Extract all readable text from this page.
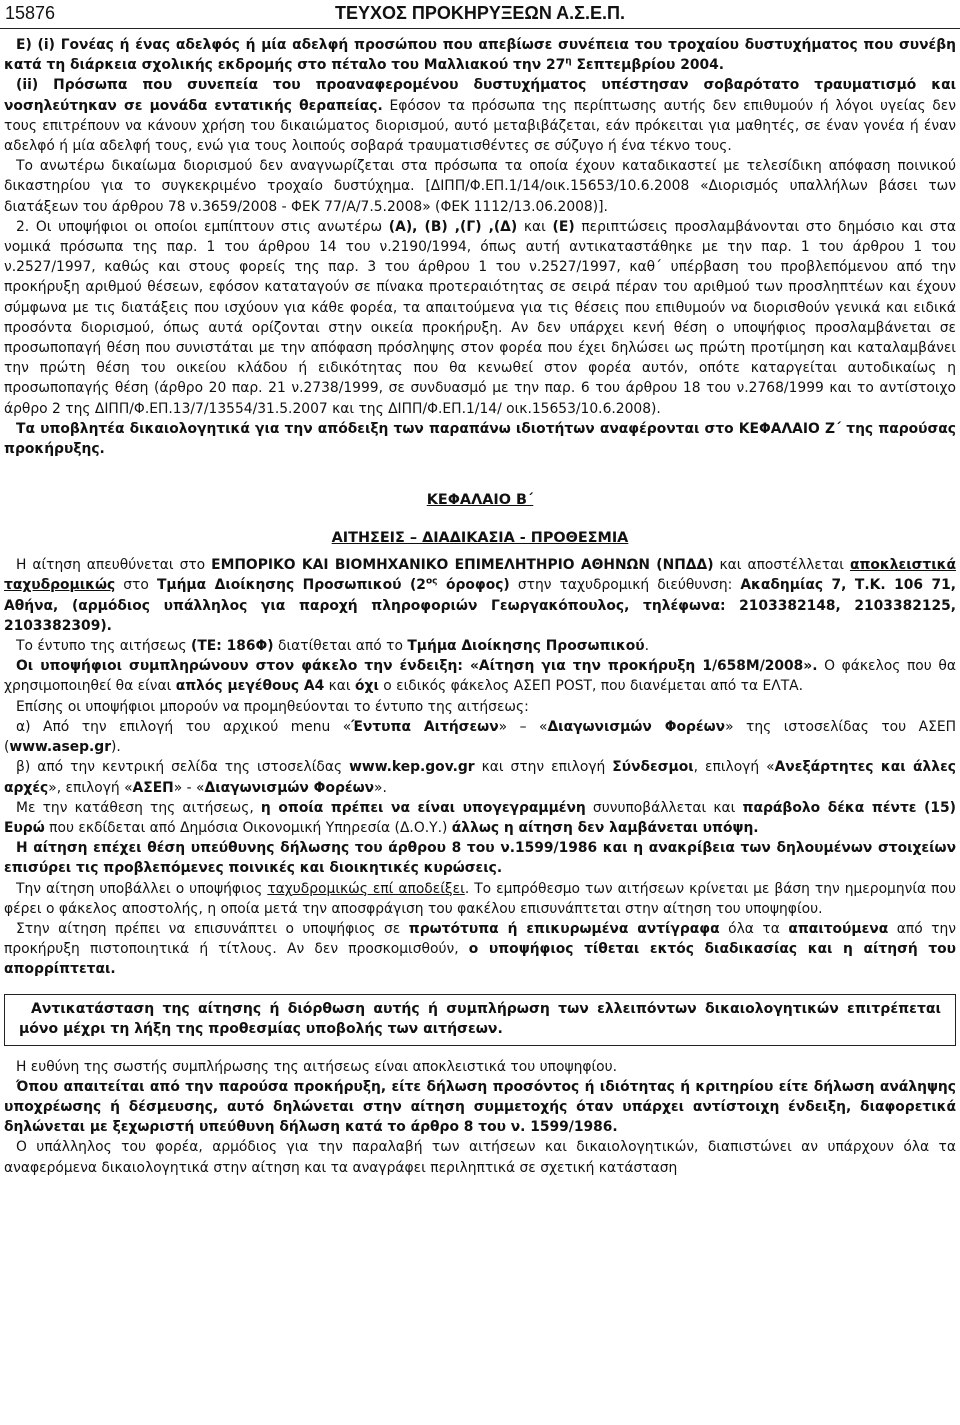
15876	ΤΕΥΧΟΣ ΠΡΟΚΗΡΥΞΕΩΝ Α.Σ.Ε.Π.

Ε) (i) Γονέας ή ένας αδελφός ή μία αδελφή προσώπου που απεβίωσε συνέπεια του τροχαίου δυστυχήματος που συνέβη κατά τη διάρκεια σχολικής εκδρομής στο πέταλο του Μαλλιακού την $27^\eta$ Σεπτεμβρίου 2004.

(ii) Πρόσωπα που συνεπεία του προαναφερομένου δυστυχήματος υπέστησαν σοβαρότατο τραυματισμό και νοσηλεύτηκαν σε μονάδα εντατικής θεραπείας. Εφόσον τα πρόσωπα της περίπτωσης αυτής δεν επιθυμούν ή λόγοι υγείας δεν τους επιτρέπουν να κάνουν χρήση του δικαιώματος διορισμού, αυτό μεταβιβάζεται, εάν πρόκειται για μαθητές, σε έναν γονέα ή έναν αδελφό ή μία αδελφή τους, ενώ για τους λοιπούς σοβαρά τραυματισθέντες σε σύζυγο ή ένα τέκνο τους.

Το ανωτέρω δικαίωμα διορισμού δεν αναγνωρίζεται στα πρόσωπα τα οποία έχουν καταδικαστεί με τελεσίδικη απόφαση ποινικού δικαστηρίου για το συγκεκριμένο τροχαίο δυστύχημα. [ΔΙΠΠ/Φ.ΕΠ.1/14/οικ.15653/10.6.2008 «Διορισμός υπαλλήλων βάσει των διατάξεων του άρθρου 78 ν.3659/2008 - ΦΕΚ 77/Α/7.5.2008» (ΦΕΚ 1112/13.06.2008)].

2. Οι υποψήφιοι οι οποίοι εμπίπτουν στις ανωτέρω (Α), (Β) ,(Γ) ,(Δ) και (Ε) περιπτώσεις προσλαμβάνονται στο δημόσιο και στα νομικά πρόσωπα της παρ. 1 του άρθρου 14 του ν.2190/1994, όπως αυτή αντικαταστάθηκε με την παρ. 1 του άρθρου 1 του ν.2527/1997, καθώς και στους φορείς της παρ. 3 του άρθρου 1 του ν.2527/1997, καθ΄ υπέρβαση του προβλεπόμενου από την προκήρυξη αριθμού θέσεων, εφόσον καταταγούν σε πίνακα προτεραιότητας σε σειρά πέραν του αριθμού των προσληπτέων και έχουν σύμφωνα με τις διατάξεις που ισχύουν για κάθε φορέα, τα απαιτούμενα για τις θέσεις που επιθυμούν να διορισθούν γενικά και ειδικά προσόντα διορισμού, όπως αυτά ορίζονται στην οικεία προκήρυξη. Αν δεν υπάρχει κενή θέση ο υποψήφιος προσλαμβάνεται σε προσωποπαγή θέση που συνιστάται με την απόφαση πρόσληψης στον φορέα που έχει δηλώσει ως πρώτη προτίμηση και καταλαμβάνει την πρώτη θέση του οικείου κλάδου ή ειδικότητας που θα κενωθεί στον φορέα αυτόν, οπότε καταργείται αυτοδικαίως η προσωποπαγής θέση (άρθρο 20 παρ. 21 ν.2738/1999, σε συνδυασμό με την παρ. 6 του άρθρου 18 του ν.2768/1999 και το αντίστοιχο άρθρο 2 της ΔΙΠΠ/Φ.ΕΠ.13/7/13554/31.5.2007 και της ΔΙΠΠ/Φ.ΕΠ.1/14/ οικ.15653/10.6.2008).

Τα υποβλητέα δικαιολογητικά για την απόδειξη των παραπάνω ιδιοτήτων αναφέρονται στο ΚΕΦΑΛΑΙΟ Ζ΄ της παρούσας προκήρυξης.

ΚΕΦΑΛΑΙΟ Β΄
ΑΙΤΗΣΕΙΣ – ΔΙΑΔΙΚΑΣΙΑ - ΠΡΟΘΕΣΜΙΑ

Η αίτηση απευθύνεται στο ΕΜΠΟΡΙΚΟ ΚΑΙ ΒΙΟΜΗΧΑΝΙΚΟ ΕΠΙΜΕΛΗΤΗΡΙΟ ΑΘΗΝΩΝ (ΝΠΔΔ) και αποστέλλεται αποκλειστικά ταχυδρομικώς στο Τμήμα Διοίκησης Προσωπικού ($2^{o\varsigma}$ όροφος) στην ταχυδρομική διεύθυνση: Ακαδημίας 7, Τ.Κ. 106 71, Αθήνα, (αρμόδιος υπάλληλος για παροχή πληροφοριών Γεωργακόπουλος, τηλέφωνα: 2103382148, 2103382125, 2103382309).

Το έντυπο της αιτήσεως (ΤΕ: 186Φ) διατίθεται από το Τμήμα Διοίκησης Προσωπικού.

Οι υποψήφιοι συμπληρώνουν στον φάκελο την ένδειξη: «Αίτηση για την προκήρυξη 1/658Μ/2008». Ο φάκελος που θα χρησιμοποιηθεί θα είναι απλός μεγέθους Α4 και όχι ο ειδικός φάκελος ΑΣΕΠ POST, που διανέμεται από τα ΕΛΤΑ.

Επίσης οι υποψήφιοι μπορούν να προμηθεύονται το έντυπο της αιτήσεως:

α) Από την επιλογή του αρχικού menu «Έντυπα Αιτήσεων» – «Διαγωνισμών Φορέων» της ιστοσελίδας του ΑΣΕΠ (www.asep.gr).

β) από την κεντρική σελίδα της ιστοσελίδας www.kep.gov.gr και στην επιλογή Σύνδεσμοι, επιλογή «Ανεξάρτητες και άλλες αρχές», επιλογή «ΑΣΕΠ» - «Διαγωνισμών Φορέων».

Με την κατάθεση της αιτήσεως, η οποία πρέπει να είναι υπογεγραμμένη συνυποβάλλεται και παράβολο δέκα πέντε (15) Ευρώ που εκδίδεται από Δημόσια Οικονομική Υπηρεσία (Δ.Ο.Υ.) άλλως η αίτηση δεν λαμβάνεται υπόψη.

Η αίτηση επέχει θέση υπεύθυνης δήλωσης του άρθρου 8 του ν.1599/1986 και η ανακρίβεια των δηλουμένων στοιχείων επισύρει τις προβλεπόμενες ποινικές και διοικητικές κυρώσεις.

Την αίτηση υποβάλλει ο υποψήφιος ταχυδρομικώς επί αποδείξει. Το εμπρόθεσμο των αιτήσεων κρίνεται με βάση την ημερομηνία που φέρει ο φάκελος αποστολής, η οποία μετά την αποσφράγιση του φακέλου επισυνάπτεται στην αίτηση του υποψηφίου.

Στην αίτηση πρέπει να επισυνάπτει ο υποψήφιος σε πρωτότυπα ή επικυρωμένα αντίγραφα όλα τα απαιτούμενα από την προκήρυξη πιστοποιητικά ή τίτλους. Αν δεν προσκομισθούν, ο υποψήφιος τίθεται εκτός διαδικασίας και η αίτησή του απορρίπτεται.

Αντικατάσταση της αίτησης ή διόρθωση αυτής ή συμπλήρωση των ελλειπόντων δικαιολογητικών επιτρέπεται μόνο μέχρι τη λήξη της προθεσμίας υποβολής των αιτήσεων.

Η ευθύνη της σωστής συμπλήρωσης της αιτήσεως είναι αποκλειστικά του υποψηφίου.

Όπου απαιτείται από την παρούσα προκήρυξη, είτε δήλωση προσόντος ή ιδιότητας ή κριτηρίου είτε δήλωση ανάληψης υποχρέωσης ή δέσμευσης, αυτό δηλώνεται στην αίτηση συμμετοχής όταν υπάρχει αντίστοιχη ένδειξη, διαφορετικά δηλώνεται με ξεχωριστή υπεύθυνη δήλωση κατά το άρθρο 8 του ν. 1599/1986.

Ο υπάλληλος του φορέα, αρμόδιος για την παραλαβή των αιτήσεων και δικαιολογητικών, διαπιστώνει αν υπάρχουν όλα τα αναφερόμενα δικαιολογητικά στην αίτηση και τα αναγράφει περιληπτικά σε σχετική κατάσταση
